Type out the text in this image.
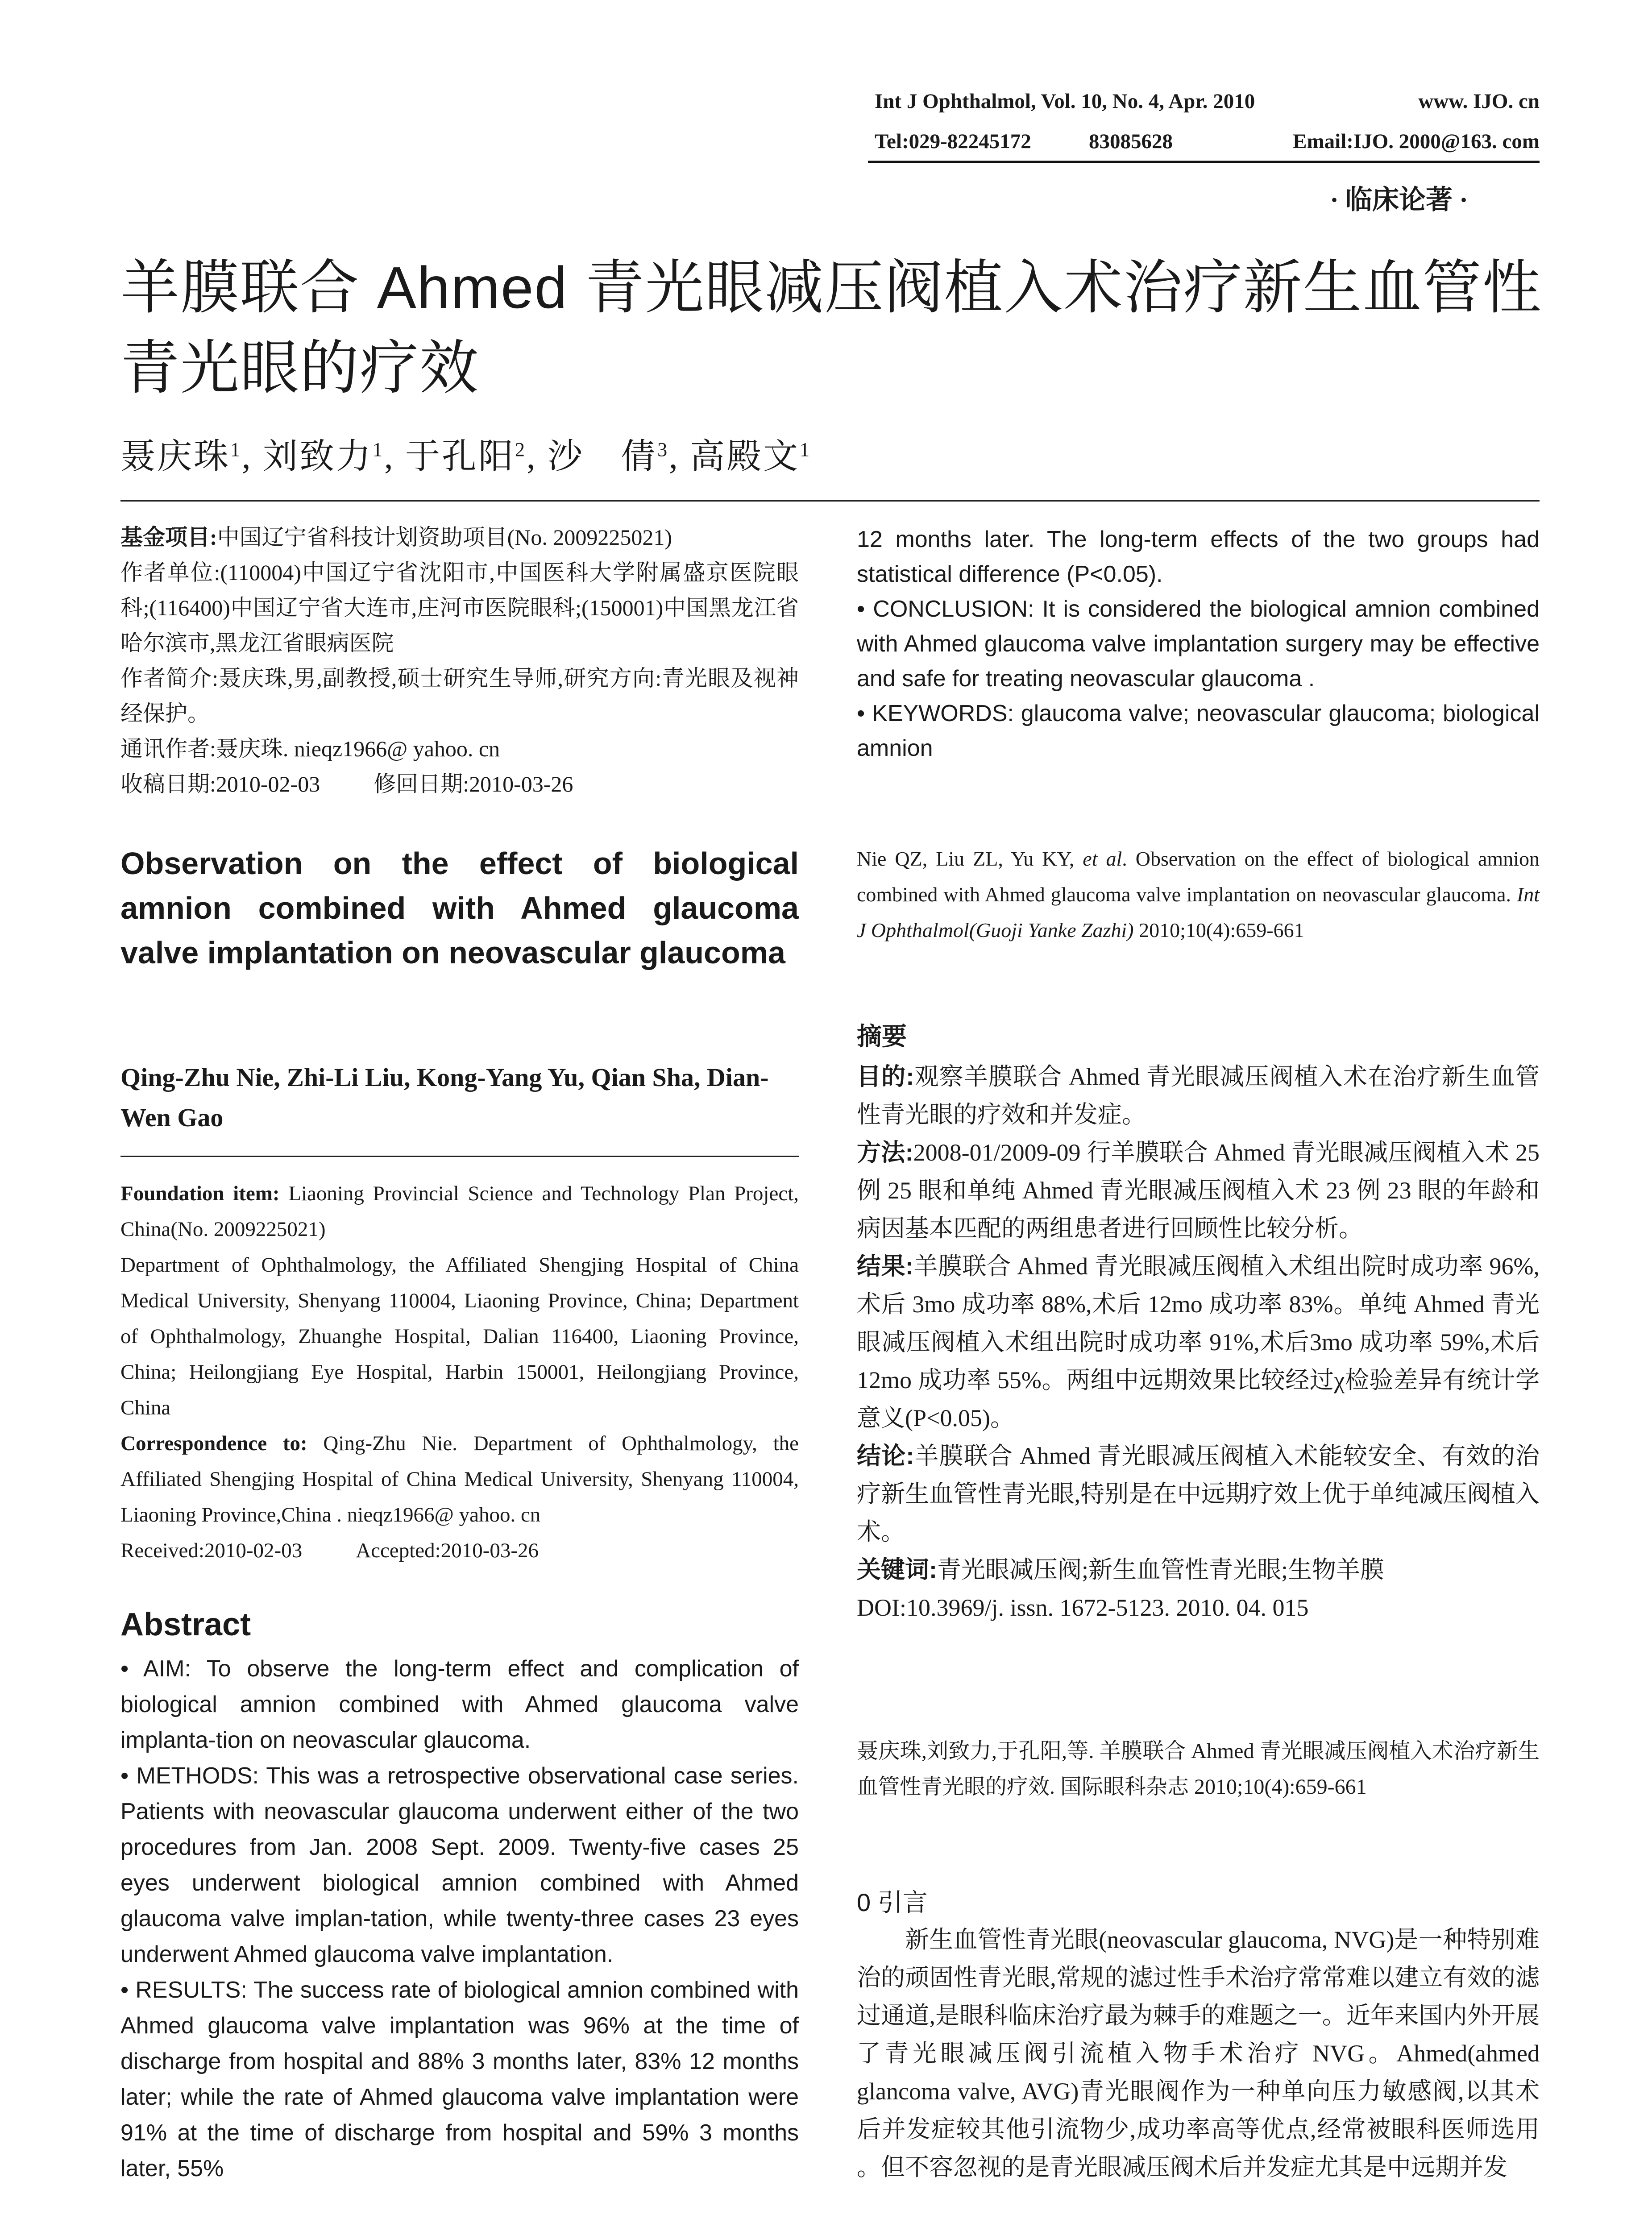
Int J Ophthalmol, Vol. 10, No. 4, Apr. 2010	www. IJO. cn
Tel:029-82245172	83085628	Email:IJO. 2000@163. com
· 临床论著 ·
羊膜联合 Ahmed 青光眼减压阀植入术治疗新生血管性
青光眼的疗效
聂庆珠$^1$, 刘致力$^1$, 于孔阳$^2$, 沙　倩$^3$, 高殿文$^1$
基金项目:中国辽宁省科技计划资助项目(No. 2009225021)
作者单位:(110004)中国辽宁省沈阳市,中国医科大学附属盛京医院眼科;(116400)中国辽宁省大连市,庄河市医院眼科;(150001)中国黑龙江省哈尔滨市,黑龙江省眼病医院
作者简介:聂庆珠,男,副教授,硕士研究生导师,研究方向:青光眼及视神经保护。
通讯作者:聂庆珠. nieqz1966@ yahoo. cn
收稿日期:2010-02-03 修回日期:2010-03-26
Observation on the effect of biological amnion combined with Ahmed glaucoma valve implantation on neovascular glaucoma
Qing-Zhu Nie, Zhi-Li Liu, Kong-Yang Yu, Qian Sha, Dian-Wen Gao
Foundation item: Liaoning Provincial Science and Technology Plan Project, China(No. 2009225021)
Department of Ophthalmology, the Affiliated Shengjing Hospital of China Medical University, Shenyang 110004, Liaoning Province, China; Department of Ophthalmology, Zhuanghe Hospital, Dalian 116400, Liaoning Province, China; Heilongjiang Eye Hospital, Harbin 150001, Heilongjiang Province, China
Correspondence to: Qing-Zhu Nie. Department of Ophthalmology, the Affiliated Shengjing Hospital of China Medical University, Shenyang 110004, Liaoning Province,China . nieqz1966@ yahoo. cn
Received:2010-02-03	Accepted:2010-03-26
Abstract

• AIM: To observe the long-term effect and complication of biological amnion combined with Ahmed glaucoma valve implanta-tion on neovascular glaucoma.

• METHODS: This was a retrospective observational case series. Patients with neovascular glaucoma underwent either of the two procedures from Jan. 2008 Sept. 2009. Twenty-five cases 25 eyes underwent biological amnion combined with Ahmed glaucoma valve implan-tation, while twenty-three cases 23 eyes underwent Ahmed glaucoma valve implantation.

• RESULTS: The success rate of biological amnion combined with Ahmed glaucoma valve implantation was 96% at the time of discharge from hospital and 88% 3 months later, 83% 12 months later; while the rate of Ahmed glaucoma valve implantation were 91% at the time of discharge from hospital and 59% 3 months later, 55%

12 months later. The long-term effects of the two groups had statistical difference (P<0.05).

• CONCLUSION: It is considered the biological amnion combined with Ahmed glaucoma valve implantation surgery may be effective and safe for treating neovascular glaucoma .

• KEYWORDS: glaucoma valve; neovascular glaucoma; biological amnion

Nie QZ, Liu ZL, Yu KY, et al. Observation on the effect of biological amnion combined with Ahmed glaucoma valve implantation on neovascular glaucoma. Int J Ophthalmol(Guoji Yanke Zazhi) 2010;10(4):659-661

摘要

目的:观察羊膜联合 Ahmed 青光眼减压阀植入术在治疗新生血管性青光眼的疗效和并发症。

方法:2008-01/2009-09 行羊膜联合 Ahmed 青光眼减压阀植入术 25 例 25 眼和单纯 Ahmed 青光眼减压阀植入术 23 例 23 眼的年龄和病因基本匹配的两组患者进行回顾性比较分析。

结果:羊膜联合 Ahmed 青光眼减压阀植入术组出院时成功率 96%,术后 3mo 成功率 88%,术后 12mo 成功率 83%。单纯 Ahmed 青光眼减压阀植入术组出院时成功率 91%,术后3mo 成功率 59%,术后 12mo 成功率 55%。两组中远期效果比较经过χ检验差异有统计学意义(P<0.05)。

结论:羊膜联合 Ahmed 青光眼减压阀植入术能较安全、有效的治疗新生血管性青光眼,特别是在中远期疗效上优于单纯减压阀植入术。

关键词:青光眼减压阀;新生血管性青光眼;生物羊膜

DOI:10.3969/j. issn. 1672-5123. 2010. 04. 015

聂庆珠,刘致力,于孔阳,等. 羊膜联合 Ahmed 青光眼减压阀植入术治疗新生血管性青光眼的疗效. 国际眼科杂志 2010;10(4):659-661
0 引言

新生血管性青光眼(neovascular glaucoma, NVG)是一种特别难治的顽固性青光眼,常规的滤过性手术治疗常常难以建立有效的滤过通道,是眼科临床治疗最为棘手的难题之一。近年来国内外开展了青光眼减压阀引流植入物手术治疗 NVG。Ahmed(ahmed glancoma valve, AVG)青光眼阀作为一种单向压力敏感阀,以其术后并发症较其他引流物少,成功率高等优点,经常被眼科医师选用 。但不容忽视的是青光眼减压阀术后并发症尤其是中远期并发
